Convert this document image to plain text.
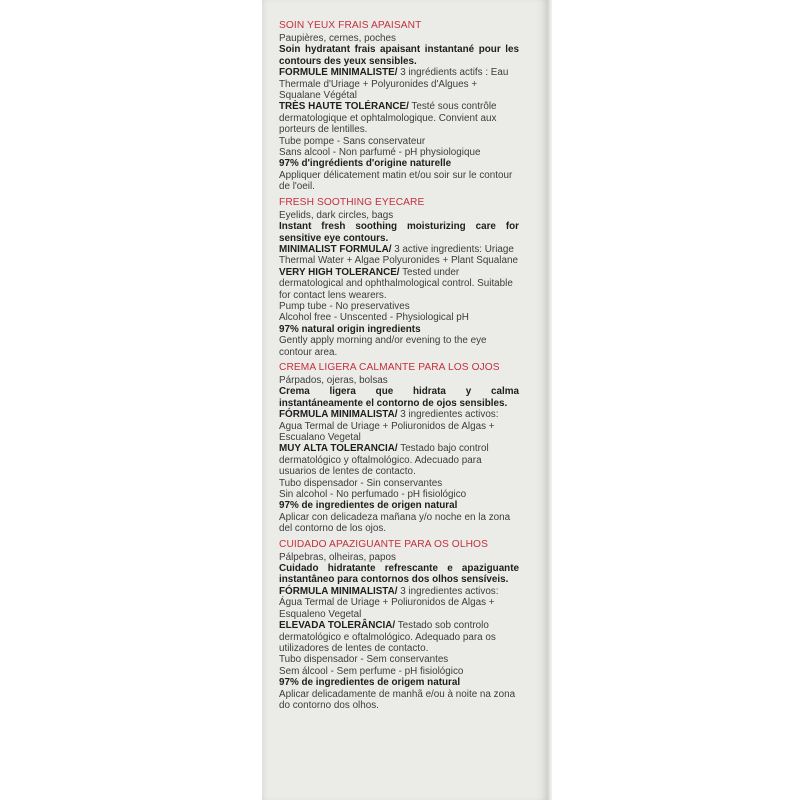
SOIN YEUX FRAIS APAISANT
Paupières, cernes, poches
Soin hydratant frais apaisant instantané pour les contours des yeux sensibles.
FORMULE MINIMALISTE/ 3 ingrédients actifs : Eau Thermale d'Uriage + Polyuronides d'Algues + Squalane Végétal
TRÈS HAUTE TOLÉRANCE/ Testé sous contrôle dermatologique et ophtalmologique. Convient aux porteurs de lentilles.
Tube pompe - Sans conservateur
Sans alcool - Non parfumé - pH physiologique
97% d'ingrédients d'origine naturelle
Appliquer délicatement matin et/ou soir sur le contour de l'oeil.
FRESH SOOTHING EYECARE
Eyelids, dark circles, bags
Instant fresh soothing moisturizing care for sensitive eye contours.
MINIMALIST FORMULA/ 3 active ingredients: Uriage Thermal Water + Algae Polyuronides + Plant Squalane
VERY HIGH TOLERANCE/ Tested under dermatological and ophthalmological control. Suitable for contact lens wearers.
Pump tube - No preservatives
Alcohol free - Unscented - Physiological pH
97% natural origin ingredients
Gently apply morning and/or evening to the eye contour area.
CREMA LIGERA CALMANTE PARA LOS OJOS
Párpados, ojeras, bolsas
Crema ligera que hidrata y calma instantáneamente el contorno de ojos sensibles.
FÓRMULA MINIMALISTA/ 3 ingredientes activos: Agua Termal de Uriage + Poliuronidos de Algas + Escualano Vegetal
MUY ALTA TOLERANCIA/ Testado bajo control dermatológico y oftalmológico. Adecuado para usuarios de lentes de contacto.
Tubo dispensador - Sin conservantes
Sin alcohol - No perfumado - pH fisiológico
97% de ingredientes de origen natural
Aplicar con delicadeza mañana y/o noche en la zona del contorno de los ojos.
CUIDADO APAZIGUANTE PARA OS OLHOS
Pálpebras, olheiras, papos
Cuidado hidratante refrescante e apaziguante instantâneo para contornos dos olhos sensíveis.
FÓRMULA MINIMALISTA/ 3 ingredientes activos: Água Termal de Uriage + Poliuronidos de Algas + Esqualeno Vegetal
ELEVADA TOLERÂNCIA/ Testado sob controlo dermatológico e oftalmológico. Adequado para os utilizadores de lentes de contacto.
Tubo dispensador - Sem conservantes
Sem álcool - Sem perfume - pH fisiológico
97% de ingredientes de origem natural
Aplicar delicadamente de manhã e/ou à noite na zona do contorno dos olhos.
